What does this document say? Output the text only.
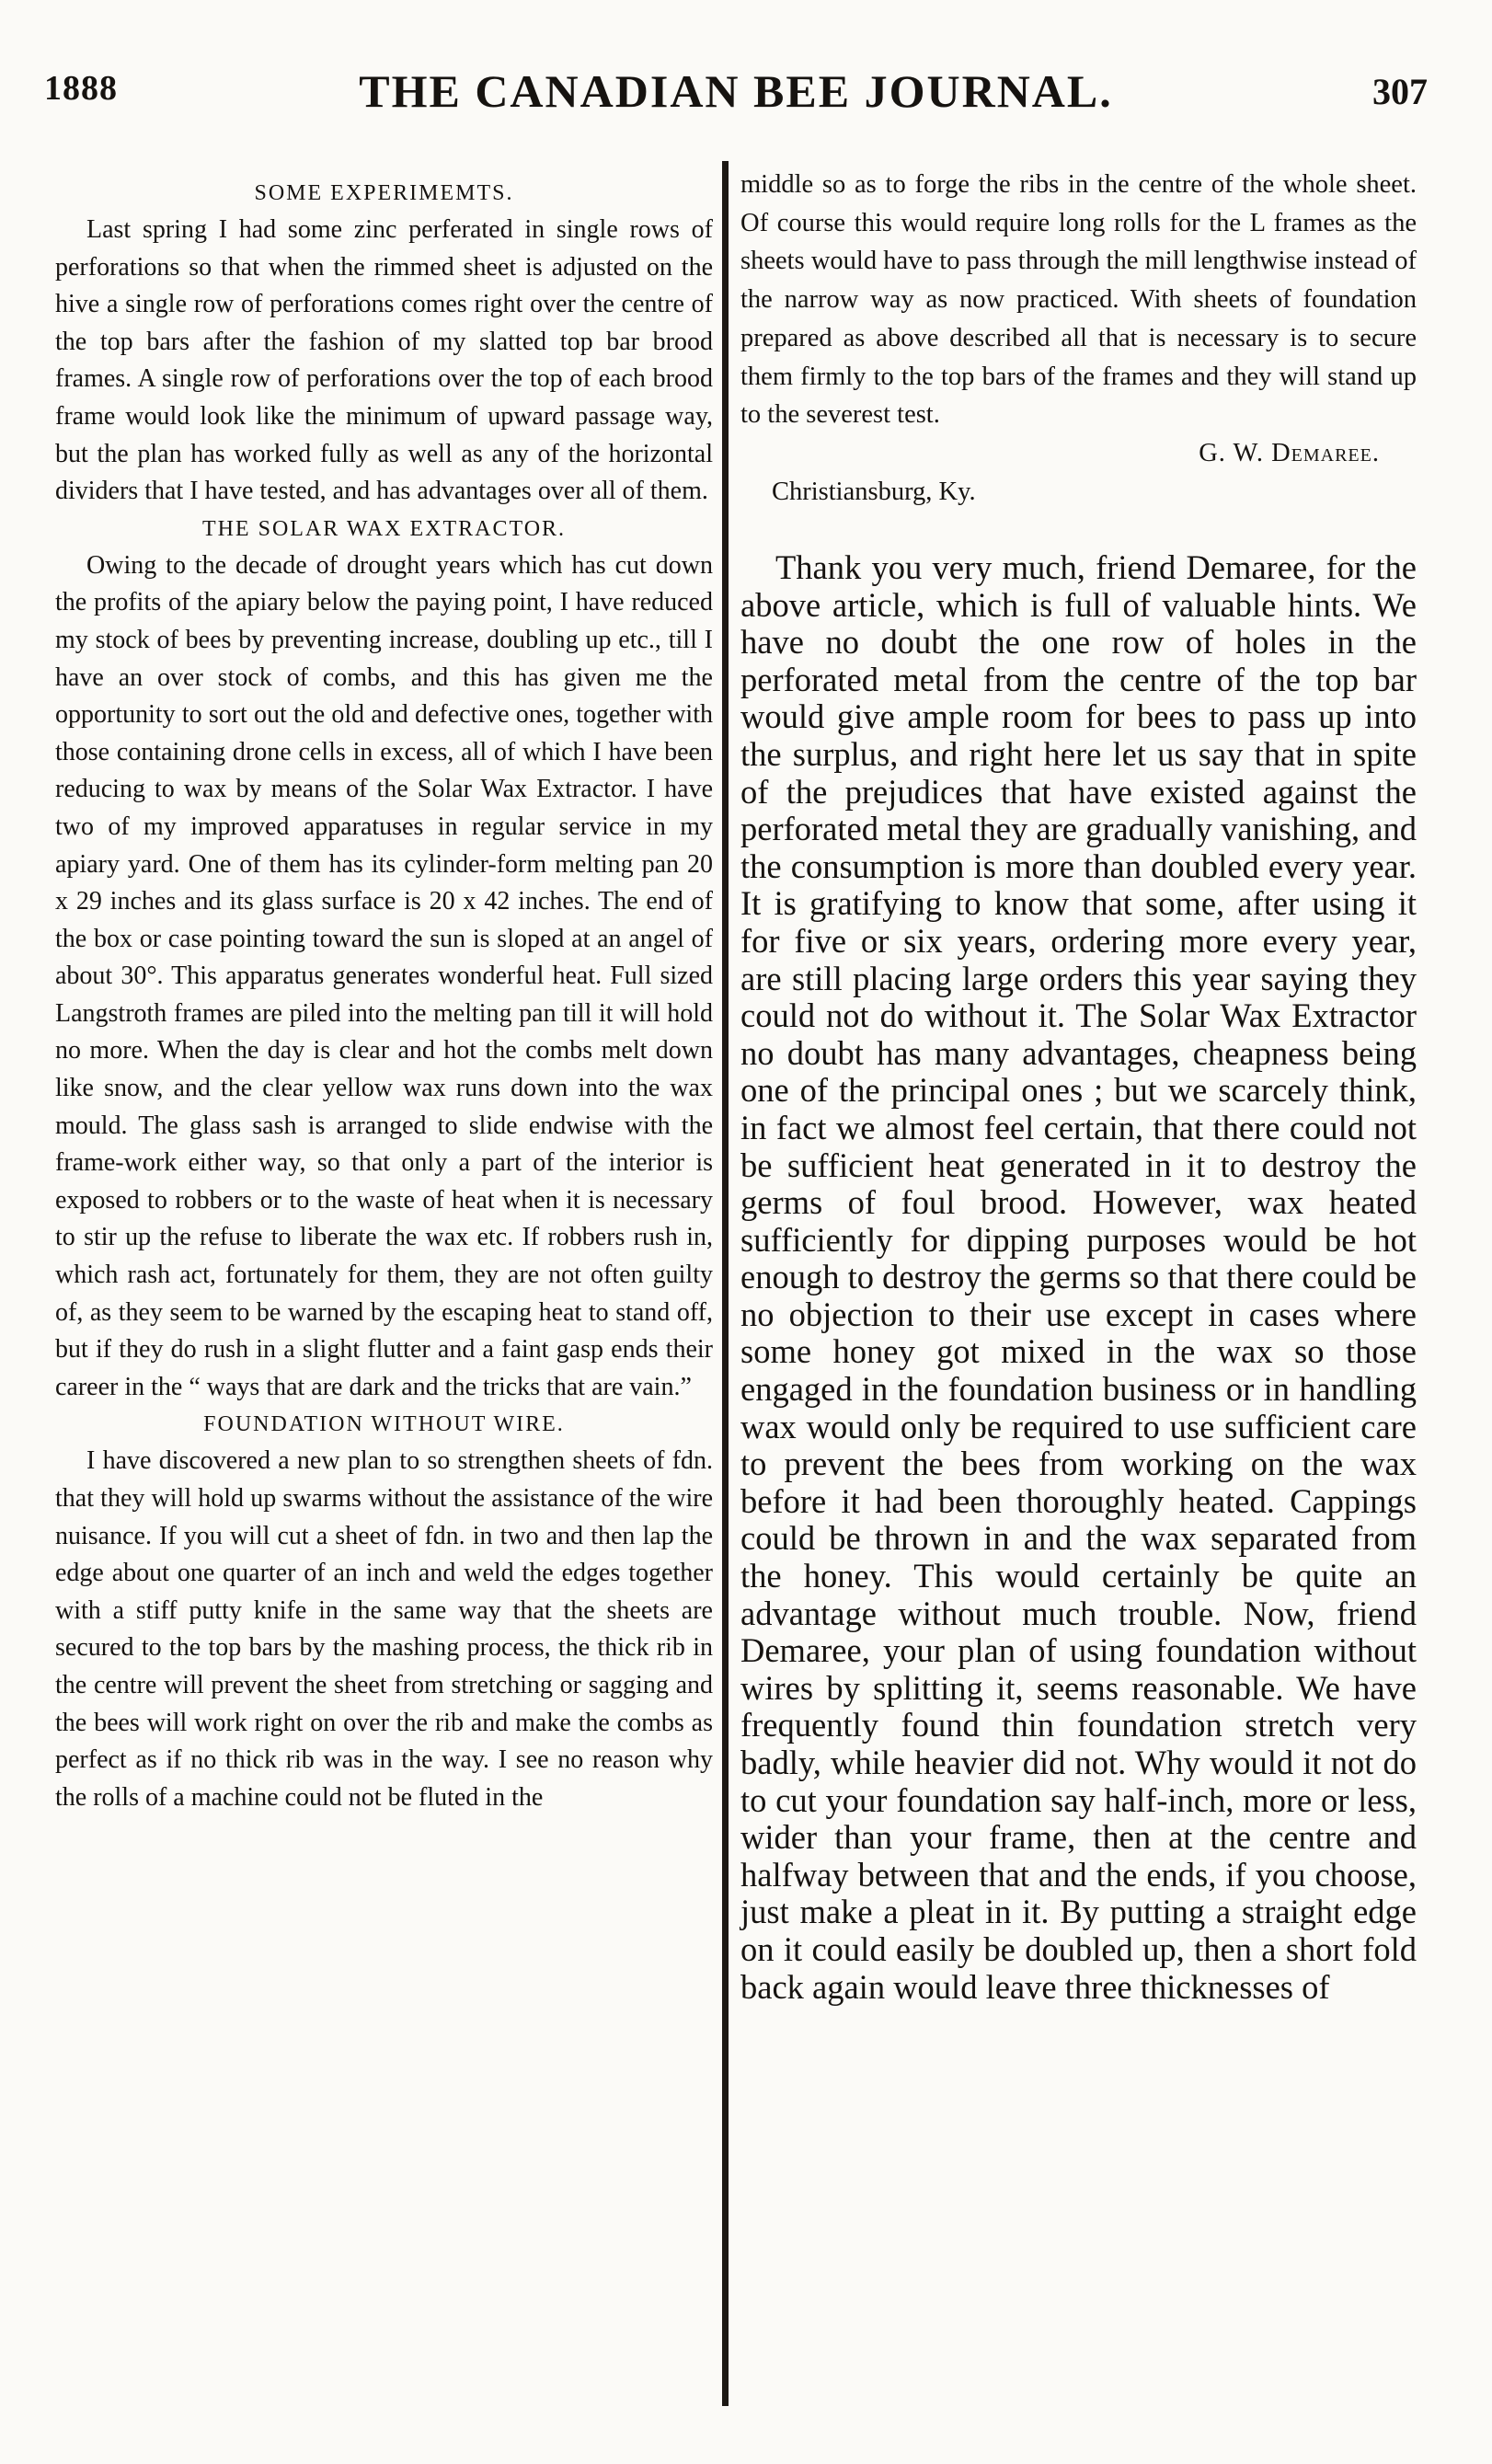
1888	THE CANADIAN BEE JOURNAL.	307

SOME EXPERIMEMTS.

Last spring I had some zinc perferated in single rows of perforations so that when the rimmed sheet is adjusted on the hive a single row of perforations comes right over the centre of the top bars after the fashion of my slatted top bar brood frames. A single row of perforations over the top of each brood frame would look like the minimum of upward passage way, but the plan has worked fully as well as any of the horizontal dividers that I have tested, and has advantages over all of them.

THE SOLAR WAX EXTRACTOR.

Owing to the decade of drought years which has cut down the profits of the apiary below the paying point, I have reduced my stock of bees by preventing increase, doubling up etc., till I have an over stock of combs, and this has given me the opportunity to sort out the old and defective ones, together with those containing drone cells in excess, all of which I have been reducing to wax by means of the Solar Wax Extractor. I have two of my improved apparatuses in regular service in my apiary yard. One of them has its cylinder-form melting pan 20 x 29 inches and its glass surface is 20 x 42 inches. The end of the box or case pointing toward the sun is sloped at an angel of about 30°. This apparatus generates wonderful heat. Full sized Langstroth frames are piled into the melting pan till it will hold no more. When the day is clear and hot the combs melt down like snow, and the clear yellow wax runs down into the wax mould. The glass sash is arranged to slide endwise with the frame-work either way, so that only a part of the interior is exposed to robbers or to the waste of heat when it is necessary to stir up the refuse to liberate the wax etc. If robbers rush in, which rash act, fortunately for them, they are not often guilty of, as they seem to be warned by the escaping heat to stand off, but if they do rush in a slight flutter and a faint gasp ends their career in the “ ways that are dark and the tricks that are vain.”

FOUNDATION WITHOUT WIRE.

I have discovered a new plan to so strengthen sheets of fdn. that they will hold up swarms without the assistance of the wire nuisance. If you will cut a sheet of fdn. in two and then lap the edge about one quarter of an inch and weld the edges together with a stiff putty knife in the same way that the sheets are secured to the top bars by the mashing process, the thick rib in the centre will prevent the sheet from stretching or sagging and the bees will work right on over the rib and make the combs as perfect as if no thick rib was in the way. I see no reason why the rolls of a machine could not be fluted in the

middle so as to forge the ribs in the centre of the whole sheet. Of course this would require long rolls for the L frames as the sheets would have to pass through the mill lengthwise instead of the narrow way as now practiced. With sheets of foundation prepared as above described all that is necessary is to secure them firmly to the top bars of the frames and they will stand up to the severest test.

G. W. Demaree.

Christiansburg, Ky.

Thank you very much, friend Demaree, for the above article, which is full of valuable hints. We have no doubt the one row of holes in the perforated metal from the centre of the top bar would give ample room for bees to pass up into the surplus, and right here let us say that in spite of the prejudices that have existed against the perforated metal they are gradually vanishing, and the consumption is more than doubled every year. It is gratifying to know that some, after using it for five or six years, ordering more every year, are still placing large orders this year saying they could not do without it. The Solar Wax Extractor no doubt has many advantages, cheapness being one of the principal ones ; but we scarcely think, in fact we almost feel certain, that there could not be sufficient heat generated in it to destroy the germs of foul brood. However, wax heated sufficiently for dipping purposes would be hot enough to destroy the germs so that there could be no objection to their use except in cases where some honey got mixed in the wax so those engaged in the foundation business or in handling wax would only be required to use sufficient care to prevent the bees from working on the wax before it had been thoroughly heated. Cappings could be thrown in and the wax separated from the honey. This would certainly be quite an advantage without much trouble. Now, friend Demaree, your plan of using foundation without wires by splitting it, seems reasonable. We have frequently found thin foundation stretch very badly, while heavier did not. Why would it not do to cut your foundation say half-inch, more or less, wider than your frame, then at the centre and halfway between that and the ends, if you choose, just make a pleat in it. By putting a straight edge on it could easily be doubled up, then a short fold back again would leave three thicknesses of
